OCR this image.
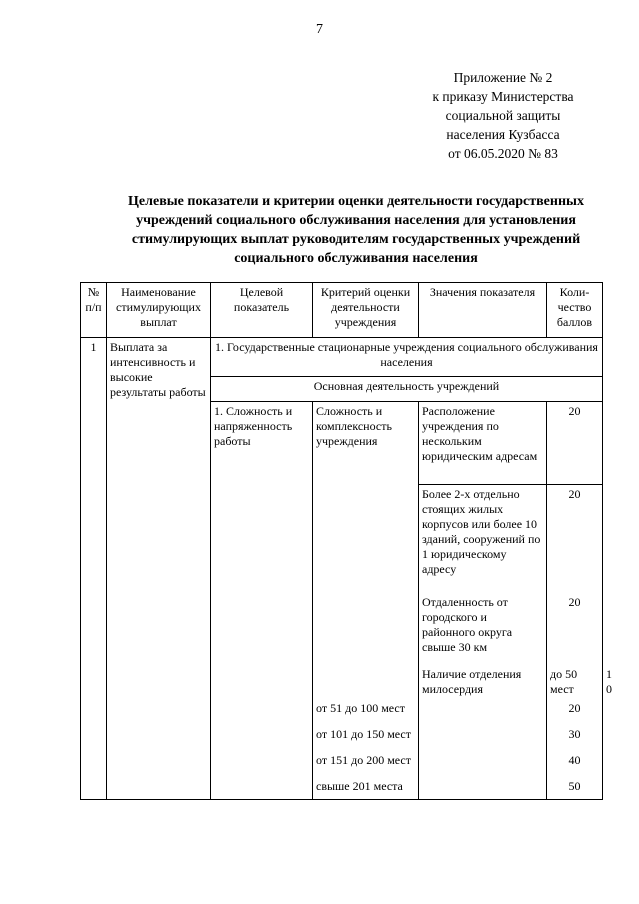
7
Приложение № 2
к приказу Министерства
социальной защиты
населения Кузбасса
от 06.05.2020 № 83
Целевые показатели и критерии оценки деятельности государственных
учреждений социального обслуживания населения для установления
стимулирующих выплат руководителям государственных учреждений
социального обслуживания населения
№ п/п	Наименование стимулирующих выплат	Целевой показатель	Критерий оценки деятельности учреждения	Значения показателя	Коли-чество баллов	
1	Выплата за интенсивность и высокие результаты работы	1. Государственные стационарные учреждения социального обслуживания населения				
		Основная деятельность учреждений				
		1. Сложность и напряженность работы	Сложность и комплексность учреждения	Расположение учреждения по нескольким юридическим адресам	20	
				Более 2-х отдельно стоящих жилых корпусов или более 10 зданий, сооружений по 1 юридическому адресу	20	
				Отдаленность от городского и районного округа свыше 30 км	20	
				Наличие отделения милосердия	до 50 мест	10
			от 51 до 100 мест		20	
			от 101 до 150 мест		30	
			от 151 до 200 мест		40	
			свыше 201 места		50	
